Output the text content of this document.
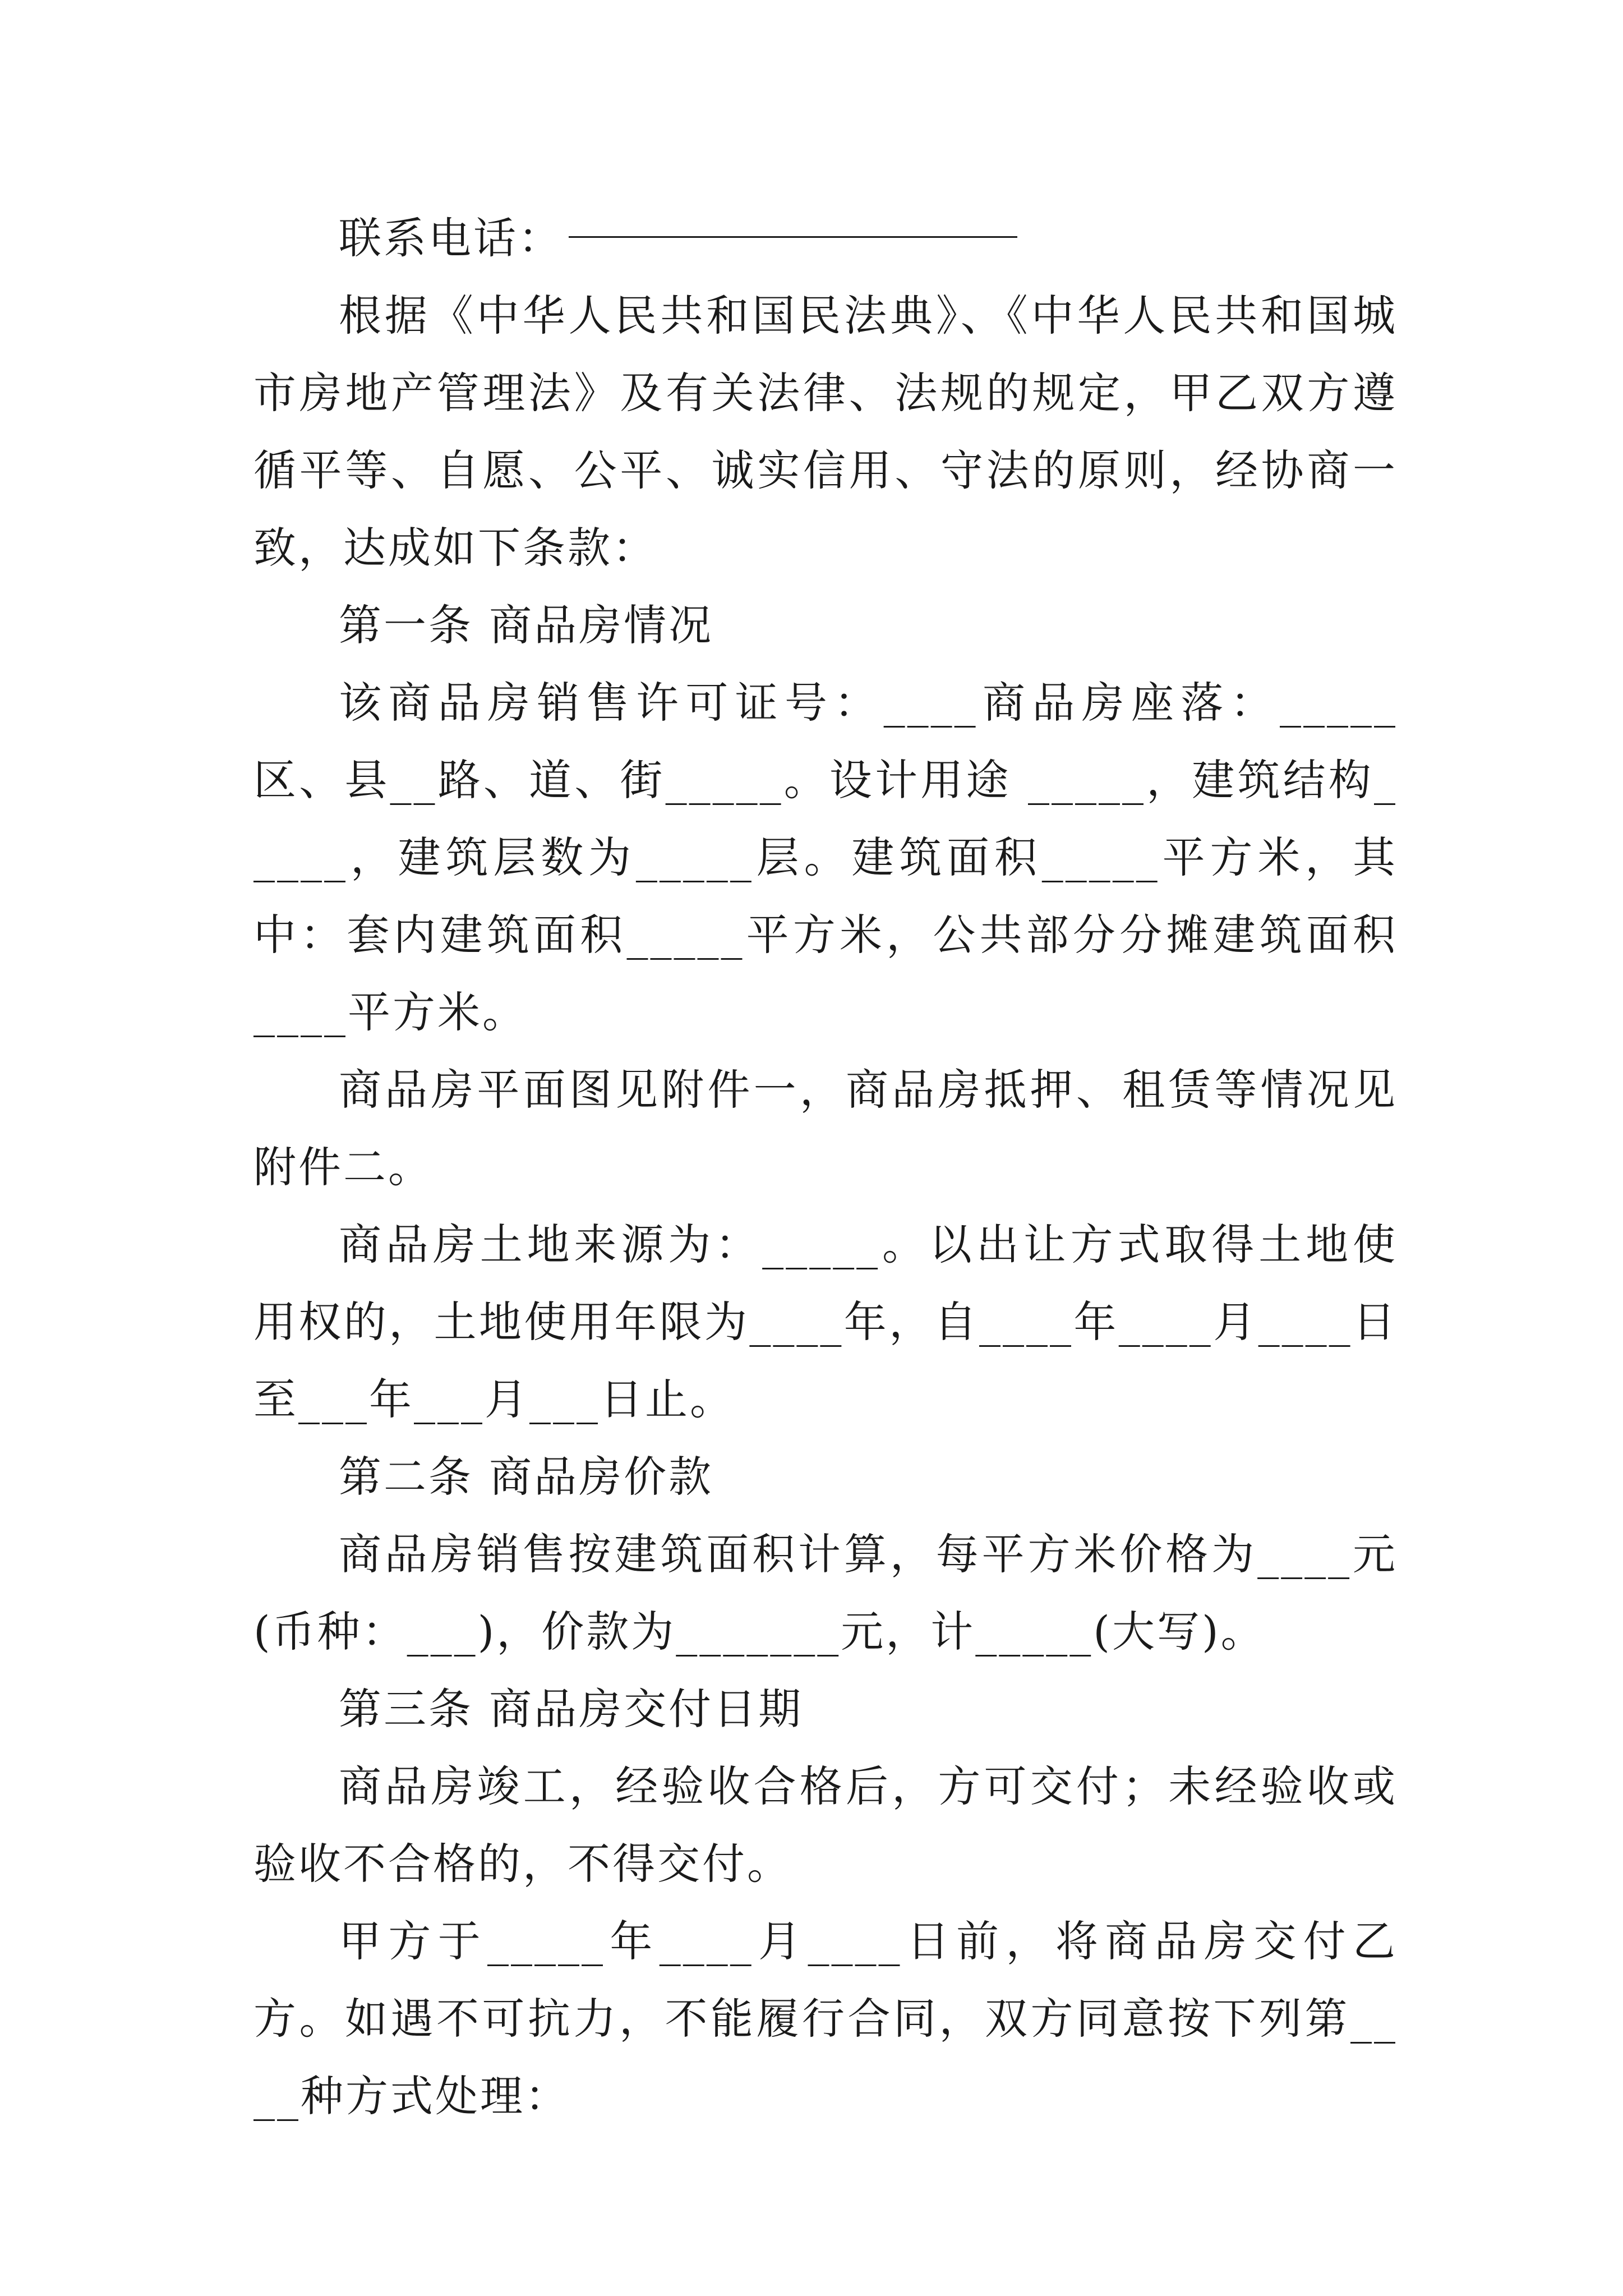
联系电话：

根据《中华人民共和国民法典》、《中华人民共和国城市房地产管理法》及有关法律、法规的规定，甲乙双方遵循平等、自愿、公平、诚实信用、守法的原则，经协商一致，达成如下条款：

第一条 商品房情况

该商品房销售许可证号：____商品房座落：_____区、县__路、道、街_____。设计用途 _____，建筑结构_____，建筑层数为_____层。建筑面积_____平方米，其中：套内建筑面积_____平方米，公共部分分摊建筑面积 ____平方米。

商品房平面图见附件一，商品房抵押、租赁等情况见附件二。

商品房土地来源为：_____。以出让方式取得土地使用权的，土地使用年限为____年，自____年____月____日至___年___月___日止。

第二条 商品房价款

商品房销售按建筑面积计算，每平方米价格为____元(币种：___)，价款为_______元，计_____(大写)。

第三条 商品房交付日期

商品房竣工，经验收合格后，方可交付；未经验收或验收不合格的，不得交付。

甲方于_____年____月____日前，将商品房交付乙方。如遇不可抗力，不能履行合同，双方同意按下列第____种方式处理：
